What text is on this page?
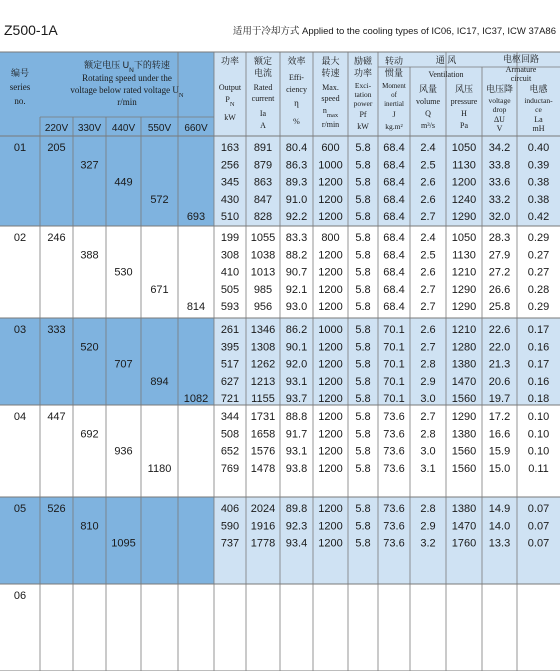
Z500-1A	适用于冷却方式 Applied to the cooling types of IC06, IC17, IC37, ICW 37A86
编号
series
no.
额定电压 $U_N$下的转速
Rotating speed under the
voltage below rated voltage $U_N$
r/min
220V 330V 440V 550V 660V
功率
Output
$P_N$
kW
额定
电流
Rated
current
Ia
A
效率
Effi-
ciency
η
%
最大
转速
Max.
speed
$n_{max}$
r/min
励磁
功率
Exci-
tation
power
Pf
kW
转动
惯量
Moment
of
inertial
J
kg.m²
通 风
Ventilation
风量
volume
Q
m³/s
风压
pressure
H
Pa
电枢回路
Armature
circuit
电压降
voltage
drop
ΔU
V
电感
inductan-
ce
La
mH
01 205
327
449
572
693
163 891 80.4 600 5.8 68.4 2.4 1050 34.2 0.40
256 879 86.3 1000 5.8 68.4 2.5 1130 33.8 0.39
345 863 89.3 1200 5.8 68.4 2.6 1200 33.6 0.38
430 847 91.0 1200 5.8 68.4 2.6 1240 33.2 0.38
510 828 92.2 1200 5.8 68.4 2.7 1290 32.0 0.42
02 246
388
530
671
814
199 1055 83.3 800 5.8 68.4 2.4 1050 28.3 0.29
308 1038 88.2 1200 5.8 68.4 2.5 1130 27.9 0.27
410 1013 90.7 1200 5.8 68.4 2.6 1210 27.2 0.27
505 985 92.1 1200 5.8 68.4 2.7 1290 26.6 0.28
593 956 93.0 1200 5.8 68.4 2.7 1290 25.8 0.29
03 333
520
707
894
1082
261 1346 86.2 1000 5.8 70.1 2.6 1210 22.6 0.17
395 1308 90.1 1200 5.8 70.1 2.7 1280 22.0 0.16
517 1262 92.0 1200 5.8 70.1 2.8 1380 21.3 0.17
627 1213 93.1 1200 5.8 70.1 2.9 1470 20.6 0.16
721 1155 93.7 1200 5.8 70.1 3.0 1560 19.7 0.18
04 447
692
936
1180
344 1731 88.8 1200 5.8 73.6 2.7 1290 17.2 0.10
508 1658 91.7 1200 5.8 73.6 2.8 1380 16.6 0.10
652 1576 93.1 1200 5.8 73.6 3.0 1560 15.9 0.10
769 1478 93.8 1200 5.8 73.6 3.1 1560 15.0 0.11
05 526
810
1095
406 2024 89.8 1200 5.8 73.6 2.8 1380 14.9 0.07
590 1916 92.3 1200 5.8 73.6 2.9 1470 14.0 0.07
737 1778 93.4 1200 5.8 73.6 3.2 1760 13.3 0.07
06
